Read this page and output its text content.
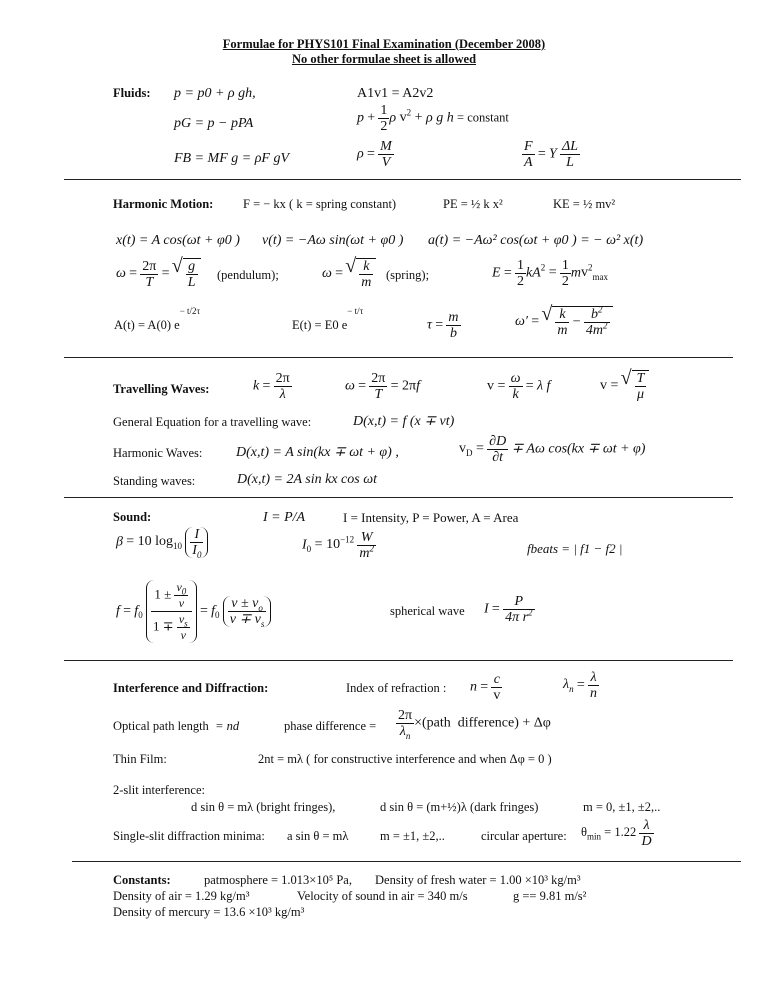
Formulae for PHYS101 Final Examination (December 2008)
No other formulae sheet is allowed
Fluids: p = p0 + ρ gh,	A1v1 = A2v2
pG = p − pPA	$p + \frac{1}{2}$ ρ $v^2 + \rho$ g h = constant
FB = MF g = ρF gV	$\rho = \frac{M}{V}$	$\frac{F}{A} = Y \frac{\Delta L}{L}$
Harmonic Motion: F = − kx ( k = spring constant)	PE = ½ k x²	KE = ½ mv²
x(t) = A cos(ωt + φ0 ) v(t) = −Aω sin(ωt + φ0 ) a(t) = −Aω² cos(ωt + φ0 ) = − ω² x(t)
$\omega = \frac{2\pi}{T}$ = √ $\frac{g}{L}$ (pendulum);	ω = √ $\frac{k}{m}$ (spring);	$E = \frac{1}{2} kA^2 = \frac{1}{2} mv^2_{max}$
A(t) = A(0) $e^{- t/2\tau}$
E(t) = E0 $e^{- t/\tau}$
$\tau = \frac{m}{b}$	ω′ = √ $\frac{k}{m} - \frac{b^2}{4m^2}$
Travelling Waves:	$k = \frac{2\pi}{\lambda}$	$\omega = \frac{2\pi}{T} = 2\pi f$	$v = \frac{\omega}{k} = \lambda$ f	v = √ $\frac{T}{\mu}$
General Equation for a travelling wave:	D(x,t) = f (x ∓ vt)
Harmonic Waves: D(x,t) = A sin(kx ∓ ωt + φ) ,	$v_D = \frac{\partial D}{\partial t} \mp A\omega$ cos(kx ∓ ωt + φ)
Standing waves:	D(x,t) = 2A sin kx cos ωt
Sound:	I = P/A	I = Intensity, P = Power, A = Area
β = 10 $\log_{10} \frac{I}{I_0}$	$I_0 = 10^{-12} \frac{W}{m^2}$	fbeats = | f1 − f2 |
$f = f_0 \frac{1 \pm \frac{v_0}{v}}{1 \mp \frac{v_s}{v}} = f_0 \frac{v \pm v_o}{v \mp v_s}$	spherical wave $I = \frac{P}{4\pi r^2}$
Interference and Diffraction:	Index of refraction : $n = \frac{c}{v}$	$\lambda_n = \frac{\lambda}{n}$
Optical path length = nd	phase difference = $\frac{2\pi}{\lambda_n}$ ×(path  difference) + Δφ
Thin Film:	2nt = mλ ( for constructive interference and when Δφ = 0 )
2-slit interference:
d sin θ = mλ (bright fringes),	d sin θ = (m+½)λ (dark fringes)	m = 0, ±1, ±2,..
Single-slit diffraction minima: a sin θ = mλ	m = ±1, ±2,..	circular aperture: $\theta_{min} = 1.22 \frac{\lambda}{D}$
Constants:	patmosphere = 1.013×10⁵ Pa, Density of fresh water = 1.00 ×10³ kg/m³
Density of air = 1.29 kg/m³	Velocity of sound in air = 340 m/s	g == 9.81 m/s²
Density of mercury = 13.6 ×10³ kg/m³
